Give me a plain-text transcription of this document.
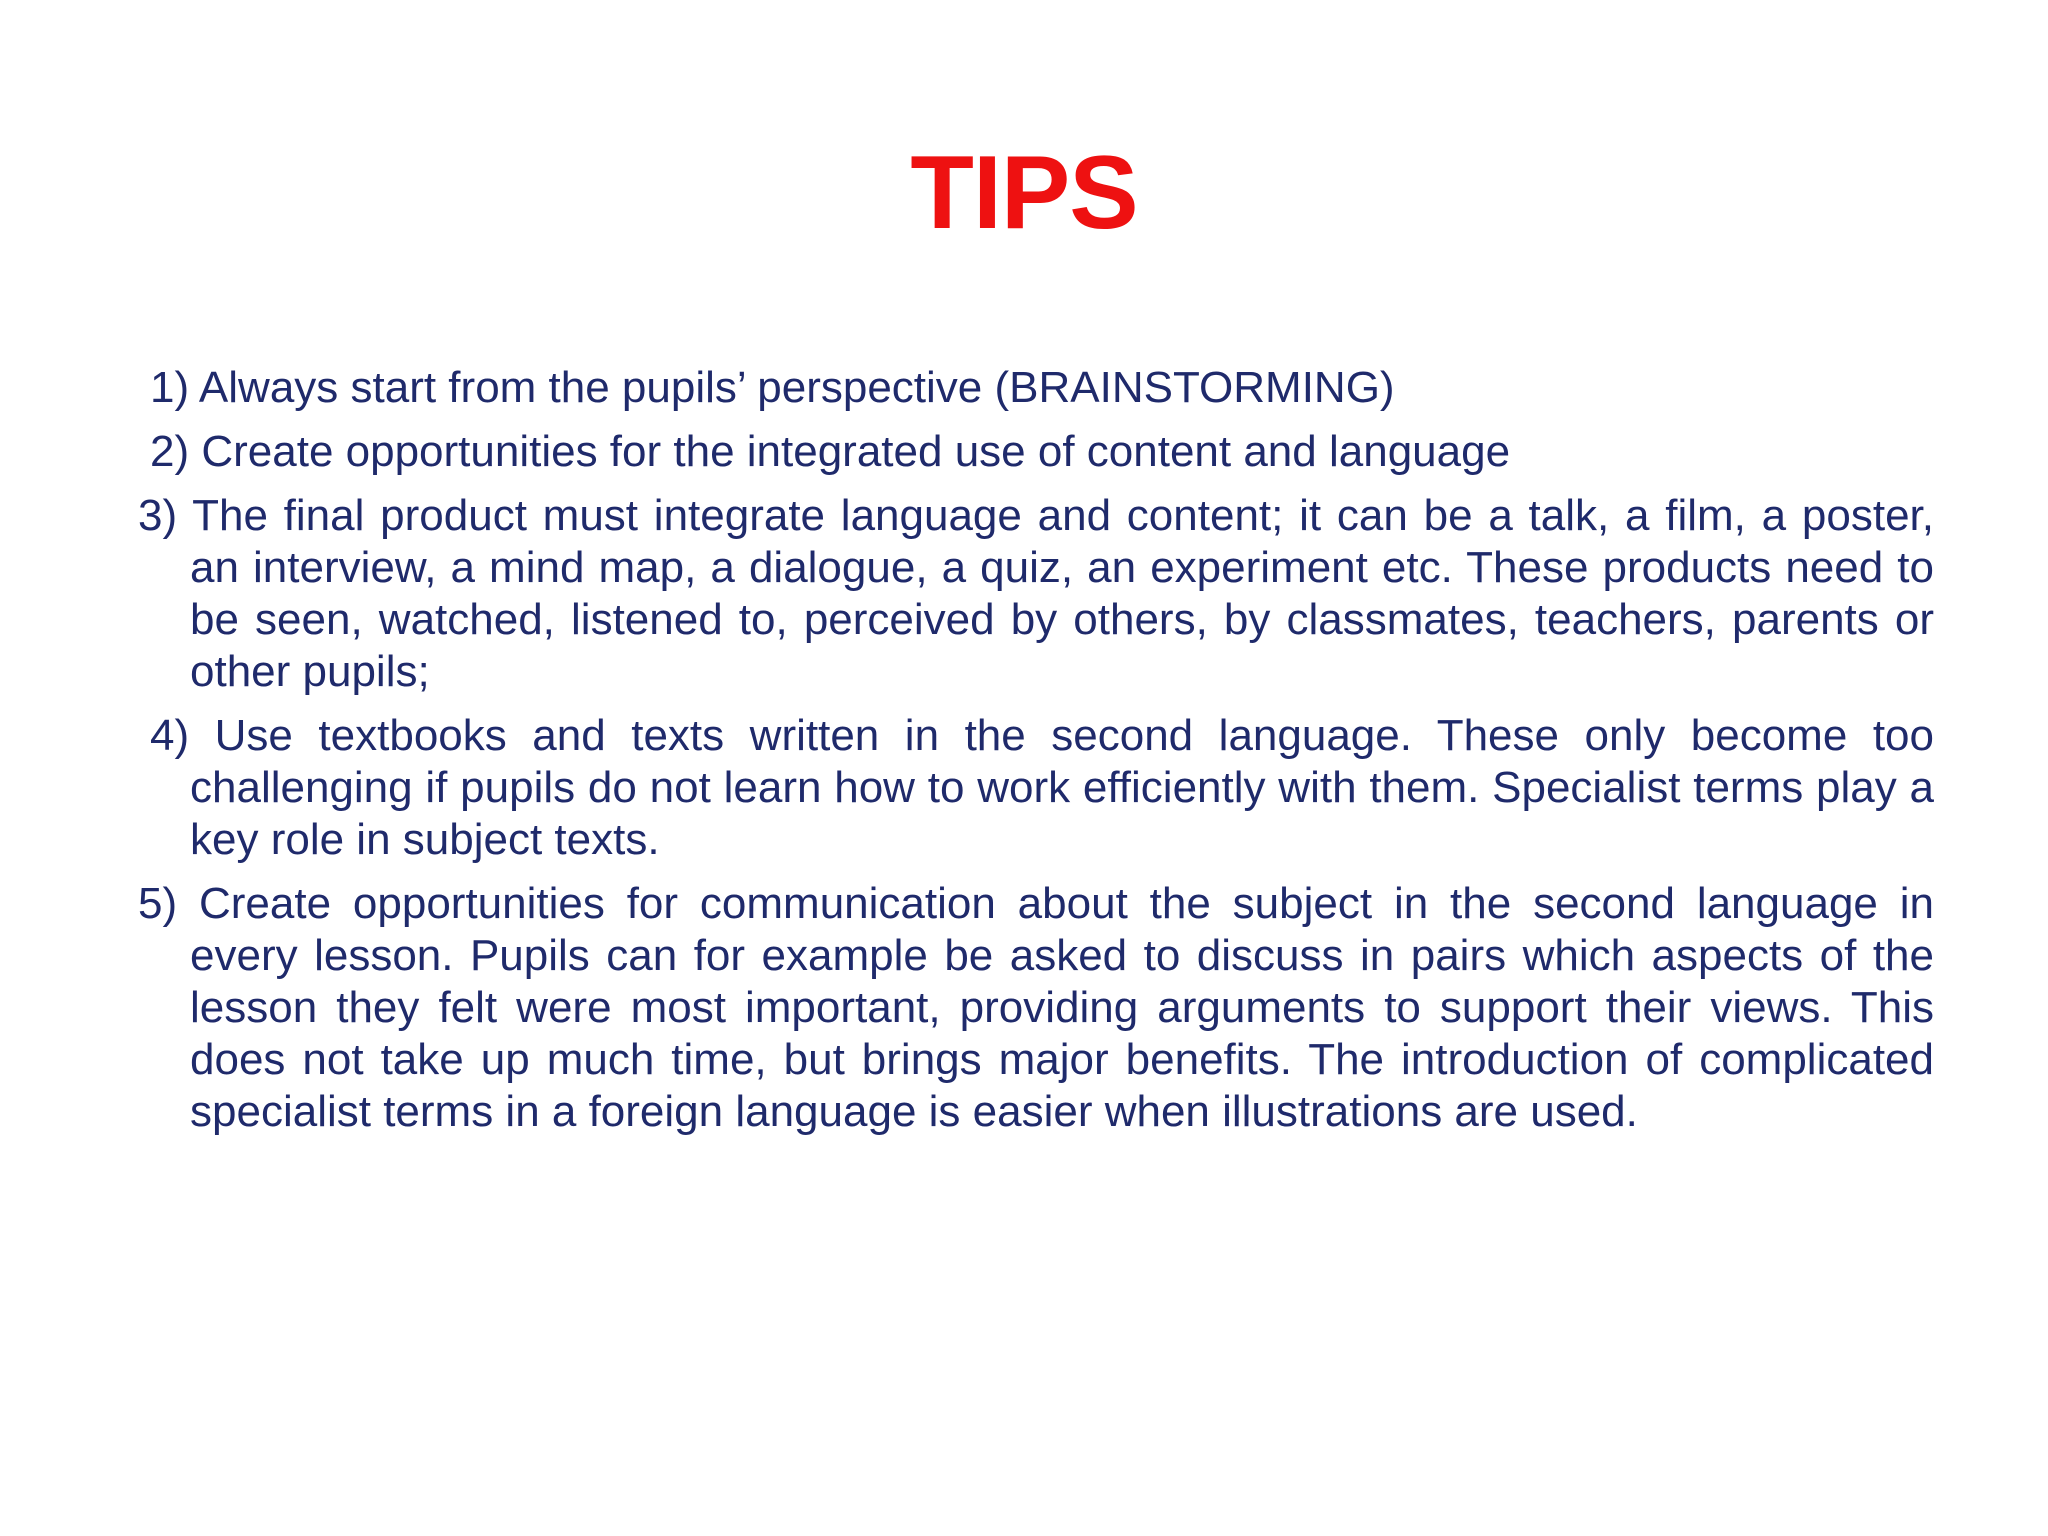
TIPS
1) Always start from the pupils’ perspective (BRAINSTORMING)
2) Create opportunities for the integrated use of content and language
3) The final product must integrate language and content; it can be a talk, a film, a poster, an interview, a mind map, a dialogue, a quiz, an experiment etc. These products need to be seen, watched, listened to, perceived by others, by classmates, teachers, parents or other pupils;
4) Use textbooks and texts written in the second language. These only become too challenging if pupils do not learn how to work efficiently with them. Specialist terms play a key role in subject texts.
5) Create opportunities for communication about the subject in the second language in every lesson. Pupils can for example be asked to discuss in pairs which aspects of the lesson they felt were most important, providing arguments to support their views. This does not take up much time, but brings major benefits. The introduction of complicated specialist terms in a foreign language is easier when illustrations are used.
